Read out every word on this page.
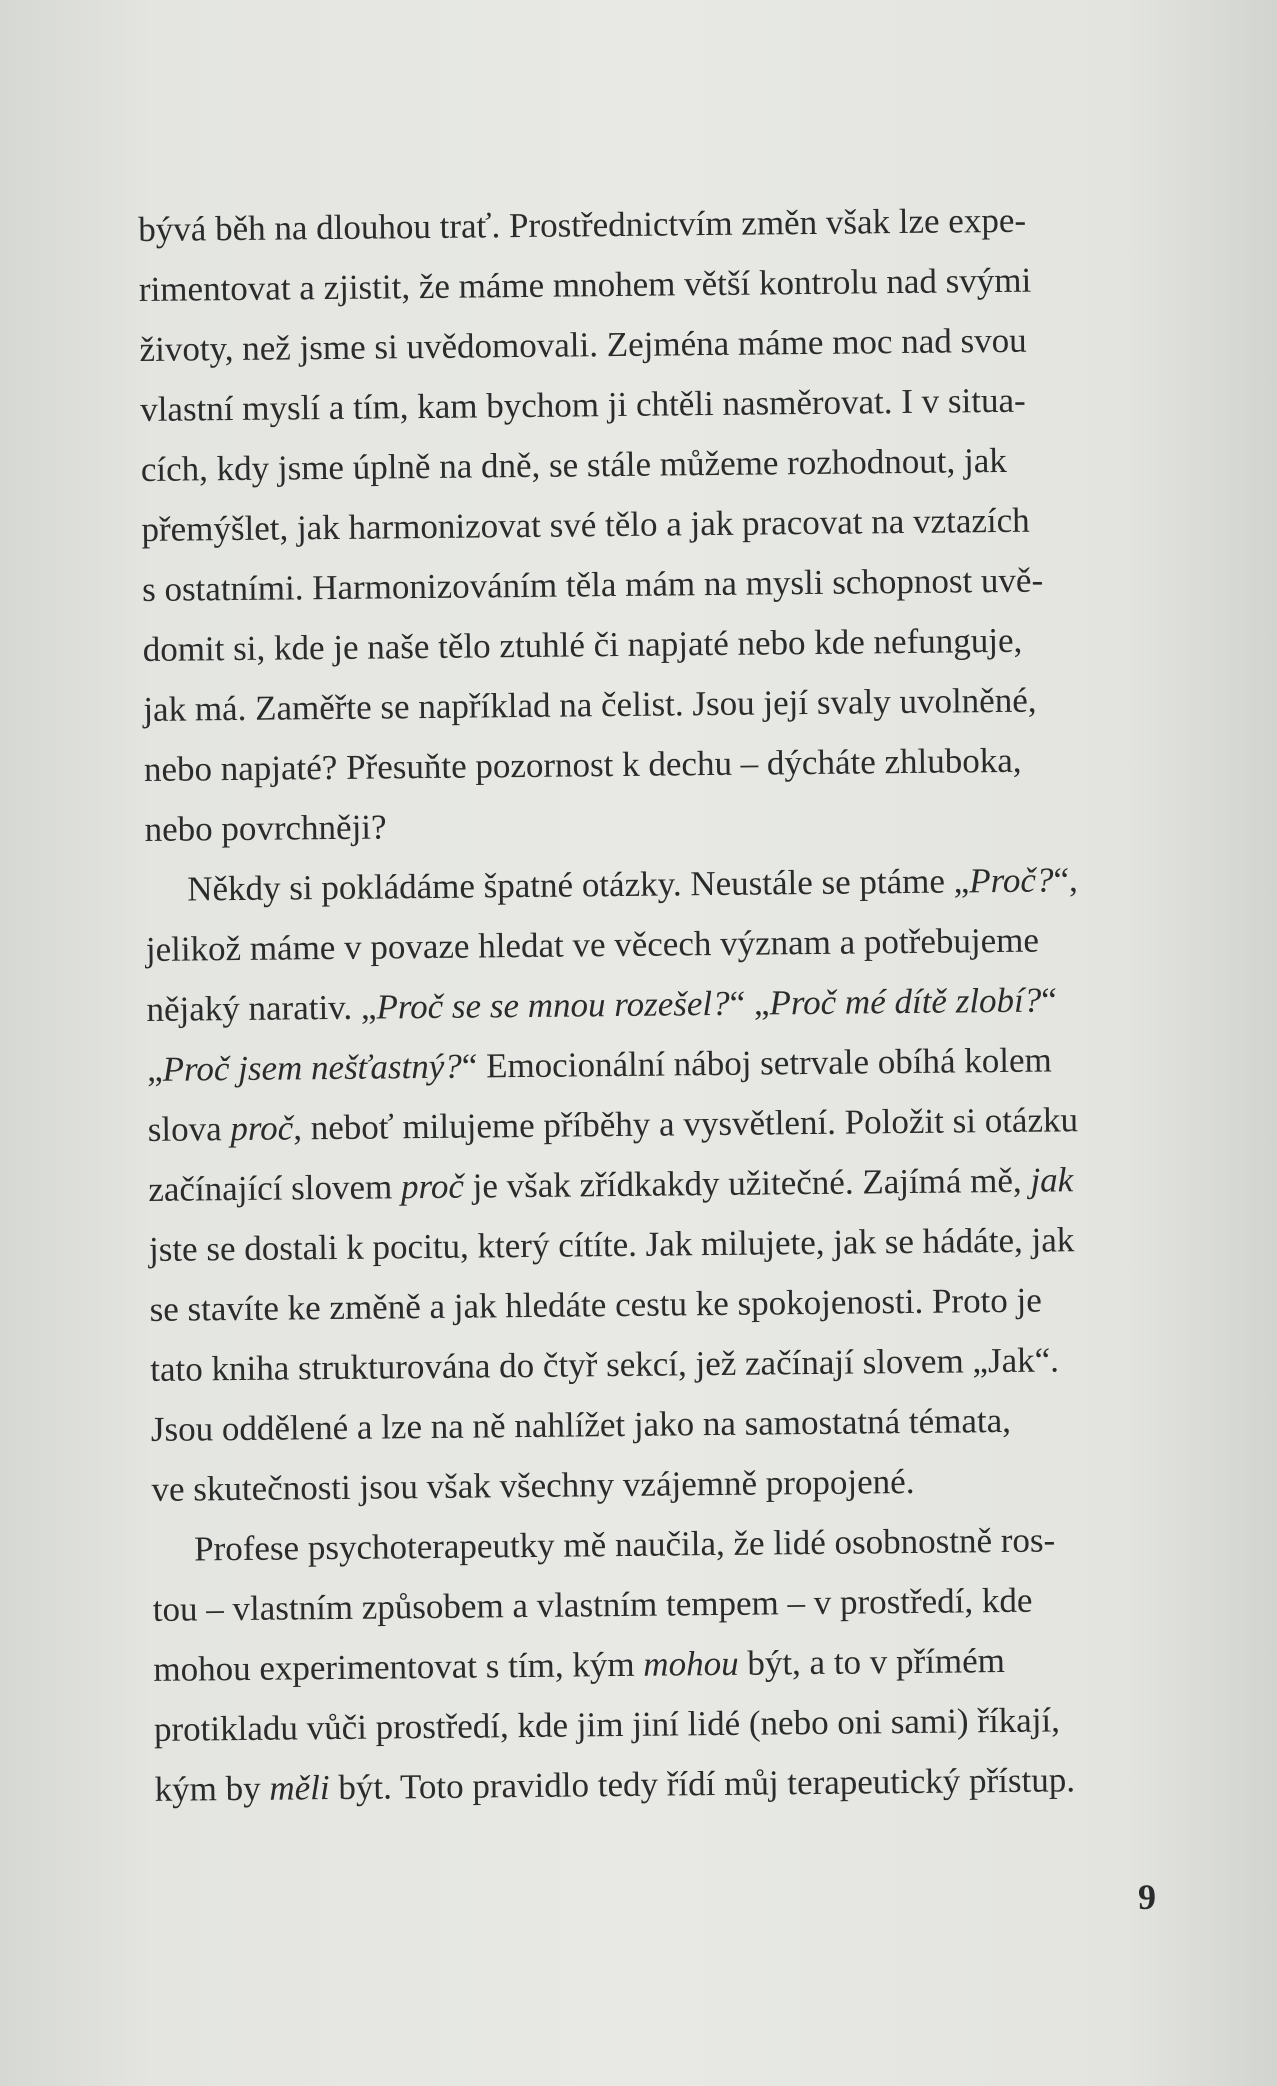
bývá běh na dlouhou trať. Prostřednictvím změn však lze expe-
rimentovat a zjistit, že máme mnohem větší kontrolu nad svými
životy, než jsme si uvědomovali. Zejména máme moc nad svou
vlastní myslí a tím, kam bychom ji chtěli nasměrovat. I v situa-
cích, kdy jsme úplně na dně, se stále můžeme rozhodnout, jak
přemýšlet, jak harmonizovat své tělo a jak pracovat na vztazích
s ostatními. Harmonizováním těla mám na mysli schopnost uvě-
domit si, kde je naše tělo ztuhlé či napjaté nebo kde nefunguje,
jak má. Zaměřte se například na čelist. Jsou její svaly uvolněné,
nebo napjaté? Přesuňte pozornost k dechu – dýcháte zhluboka,
nebo povrchněji?
Někdy si pokládáme špatné otázky. Neustále se ptáme „Proč?“,
jelikož máme v povaze hledat ve věcech význam a potřebujeme
nějaký narativ. „Proč se se mnou rozešel?“ „Proč mé dítě zlobí?“
„Proč jsem nešťastný?“ Emocionální náboj setrvale obíhá kolem
slova proč, neboť milujeme příběhy a vysvětlení. Položit si otázku
začínající slovem proč je však zřídkakdy užitečné. Zajímá mě, jak
jste se dostali k pocitu, který cítíte. Jak milujete, jak se hádáte, jak
se stavíte ke změně a jak hledáte cestu ke spokojenosti. Proto je
tato kniha strukturována do čtyř sekcí, jež začínají slovem „Jak“.
Jsou oddělené a lze na ně nahlížet jako na samostatná témata,
ve skutečnosti jsou však všechny vzájemně propojené.
Profese psychoterapeutky mě naučila, že lidé osobnostně ros-
tou – vlastním způsobem a vlastním tempem – v prostředí, kde
mohou experimentovat s tím, kým mohou být, a to v přímém
protikladu vůči prostředí, kde jim jiní lidé (nebo oni sami) říkají,
kým by měli být. Toto pravidlo tedy řídí můj terapeutický přístup.
9
